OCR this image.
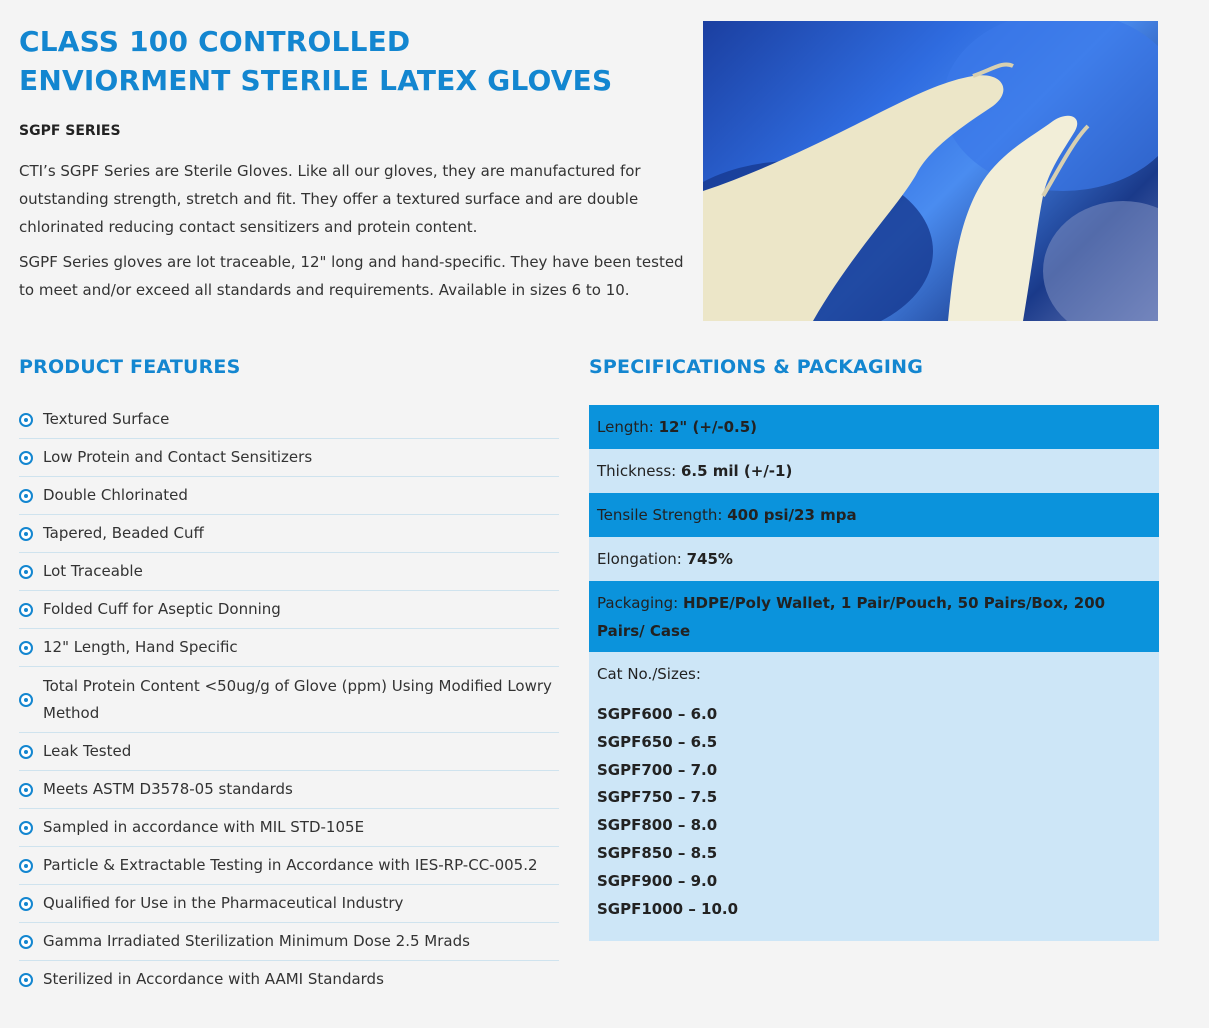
CLASS 100 CONTROLLED
ENVIORMENT STERILE LATEX GLOVES
SGPF SERIES

CTI’s SGPF Series are Sterile Gloves. Like all our gloves, they are manufactured for outstanding strength, stretch and fit. They offer a textured surface and are double chlorinated reducing contact sensitizers and protein content.

SGPF Series gloves are lot traceable, 12" long and hand-specific. They have been tested to meet and/or exceed all standards and requirements. Available in sizes 6 to 10.

PRODUCT FEATURES	SPECIFICATIONS & PACKAGING
Textured Surface
Low Protein and Contact Sensitizers
Double Chlorinated
Tapered, Beaded Cuff
Lot Traceable
Folded Cuff for Aseptic Donning
12" Length, Hand Specific
Total Protein Content <50ug/g of Glove (ppm) Using Modified Lowry Method
Leak Tested
Meets ASTM D3578-05 standards
Sampled in accordance with MIL STD-105E
Particle & Extractable Testing in Accordance with IES-RP-CC-005.2
Qualified for Use in the Pharmaceutical Industry
Gamma Irradiated Sterilization Minimum Dose 2.5 Mrads
Sterilized in Accordance with AAMI Standards
Length: 12" (+/-0.5)
Thickness: 6.5 mil (+/-1)
Tensile Strength: 400 psi/23 mpa
Elongation: 745%
Packaging: HDPE/Poly Wallet, 1 Pair/Pouch, 50 Pairs/Box, 200 Pairs/ Case
Cat No./Sizes:
SGPF600 – 6.0
SGPF650 – 6.5
SGPF700 – 7.0
SGPF750 – 7.5
SGPF800 – 8.0
SGPF850 – 8.5
SGPF900 – 9.0
SGPF1000 – 10.0
